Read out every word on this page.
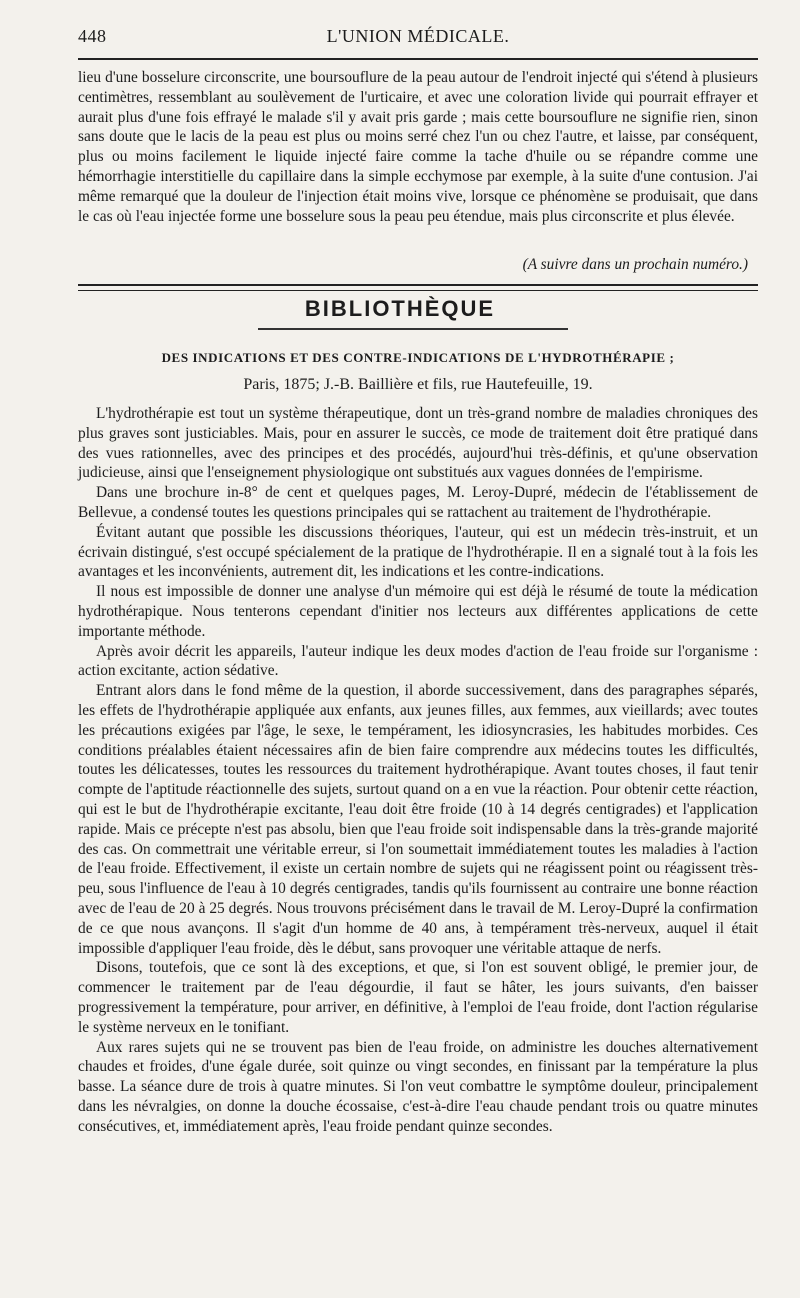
448	L'UNION MÉDICALE.

lieu d'une bosselure circonscrite, une boursouflure de la peau autour de l'endroit injecté qui s'étend à plusieurs centimètres, ressemblant au soulèvement de l'urticaire, et avec une coloration livide qui pourrait effrayer et aurait plus d'une fois effrayé le malade s'il y avait pris garde ; mais cette boursouflure ne signifie rien, sinon sans doute que le lacis de la peau est plus ou moins serré chez l'un ou chez l'autre, et laisse, par conséquent, plus ou moins facilement le liquide injecté faire comme la tache d'huile ou se répandre comme une hémorrhagie interstitielle du capillaire dans la simple ecchymose par exemple, à la suite d'une contusion. J'ai même remarqué que la douleur de l'injection était moins vive, lorsque ce phénomène se produisait, que dans le cas où l'eau injectée forme une bosselure sous la peau peu étendue, mais plus circonscrite et plus élevée.

(A suivre dans un prochain numéro.)
BIBLIOTHÈQUE
DES INDICATIONS ET DES CONTRE-INDICATIONS DE L'HYDROTHÉRAPIE ;
Paris, 1875; J.-B. Baillière et fils, rue Hautefeuille, 19.

L'hydrothérapie est tout un système thérapeutique, dont un très-grand nombre de maladies chroniques des plus graves sont justiciables. Mais, pour en assurer le succès, ce mode de traitement doit être pratiqué dans des vues rationnelles, avec des principes et des procédés, aujourd'hui très-définis, et qu'une observation judicieuse, ainsi que l'enseignement physiologique ont substitués aux vagues données de l'empirisme.

Dans une brochure in-8° de cent et quelques pages, M. Leroy-Dupré, médecin de l'établissement de Bellevue, a condensé toutes les questions principales qui se rattachent au traitement de l'hydrothérapie.

Évitant autant que possible les discussions théoriques, l'auteur, qui est un médecin très-instruit, et un écrivain distingué, s'est occupé spécialement de la pratique de l'hydrothérapie. Il en a signalé tout à la fois les avantages et les inconvénients, autrement dit, les indications et les contre-indications.

Il nous est impossible de donner une analyse d'un mémoire qui est déjà le résumé de toute la médication hydrothérapique. Nous tenterons cependant d'initier nos lecteurs aux différentes applications de cette importante méthode.

Après avoir décrit les appareils, l'auteur indique les deux modes d'action de l'eau froide sur l'organisme : action excitante, action sédative.

Entrant alors dans le fond même de la question, il aborde successivement, dans des paragraphes séparés, les effets de l'hydrothérapie appliquée aux enfants, aux jeunes filles, aux femmes, aux vieillards; avec toutes les précautions exigées par l'âge, le sexe, le tempérament, les idiosyncrasies, les habitudes morbides. Ces conditions préalables étaient nécessaires afin de bien faire comprendre aux médecins toutes les difficultés, toutes les délicatesses, toutes les ressources du traitement hydrothérapique. Avant toutes choses, il faut tenir compte de l'aptitude réactionnelle des sujets, surtout quand on a en vue la réaction. Pour obtenir cette réaction, qui est le but de l'hydrothérapie excitante, l'eau doit être froide (10 à 14 degrés centigrades) et l'application rapide. Mais ce précepte n'est pas absolu, bien que l'eau froide soit indispensable dans la très-grande majorité des cas. On commettrait une véritable erreur, si l'on soumettait immédiatement toutes les maladies à l'action de l'eau froide. Effectivement, il existe un certain nombre de sujets qui ne réagissent point ou réagissent très-peu, sous l'influence de l'eau à 10 degrés centigrades, tandis qu'ils fournissent au contraire une bonne réaction avec de l'eau de 20 à 25 degrés. Nous trouvons précisément dans le travail de M. Leroy-Dupré la confirmation de ce que nous avançons. Il s'agit d'un homme de 40 ans, à tempérament très-nerveux, auquel il était impossible d'appliquer l'eau froide, dès le début, sans provoquer une véritable attaque de nerfs.

Disons, toutefois, que ce sont là des exceptions, et que, si l'on est souvent obligé, le premier jour, de commencer le traitement par de l'eau dégourdie, il faut se hâter, les jours suivants, d'en baisser progressivement la température, pour arriver, en définitive, à l'emploi de l'eau froide, dont l'action régularise le système nerveux en le tonifiant.

Aux rares sujets qui ne se trouvent pas bien de l'eau froide, on administre les douches alternativement chaudes et froides, d'une égale durée, soit quinze ou vingt secondes, en finissant par la température la plus basse. La séance dure de trois à quatre minutes. Si l'on veut combattre le symptôme douleur, principalement dans les névralgies, on donne la douche écossaise, c'est-à-dire l'eau chaude pendant trois ou quatre minutes consécutives, et, immédiatement après, l'eau froide pendant quinze secondes.
